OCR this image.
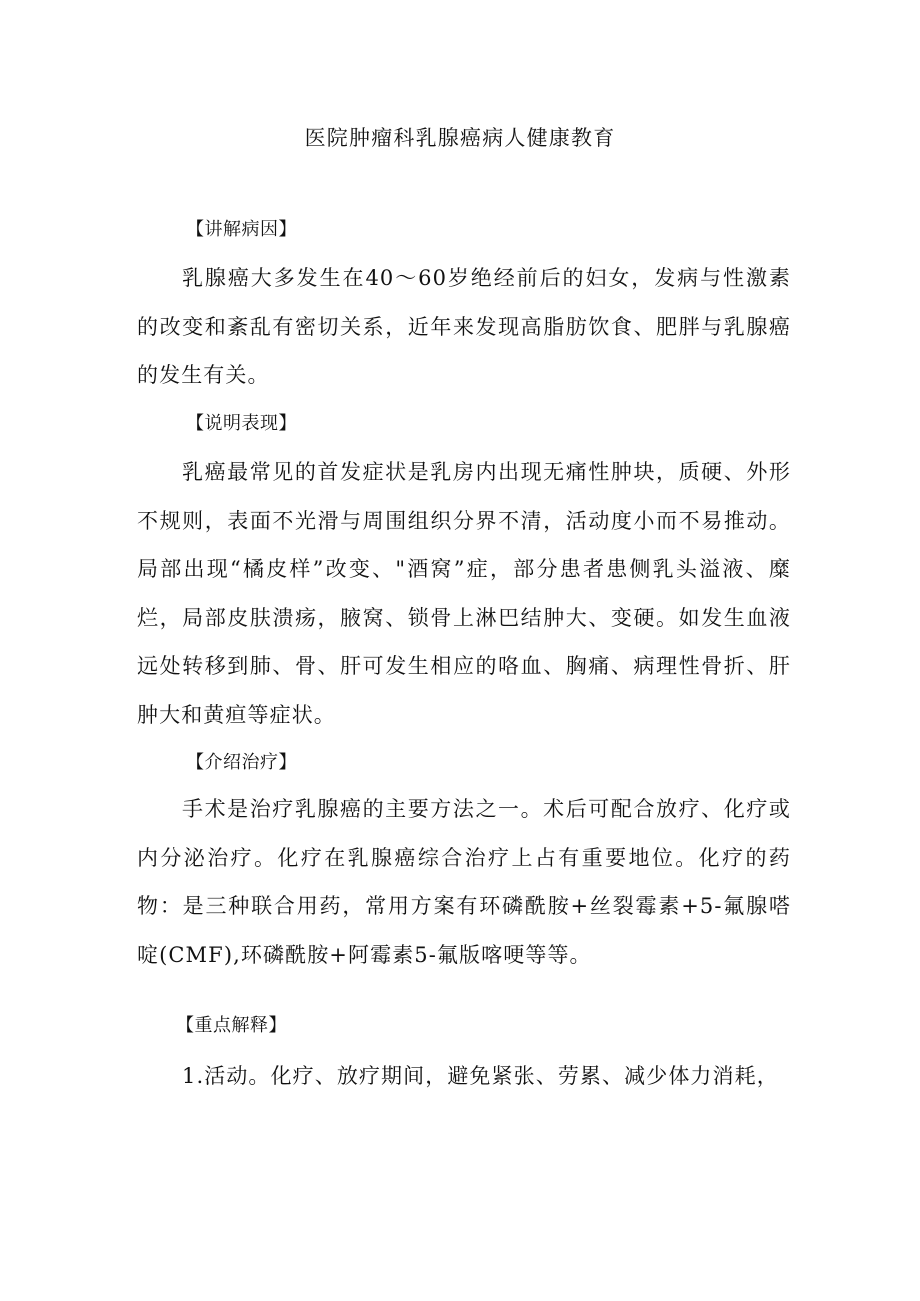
医院肿瘤科乳腺癌病人健康教育
【讲解病因】
乳腺癌大多发生在40～60岁绝经前后的妇女，发病与性激素的改变和紊乱有密切关系，近年来发现高脂肪饮食、肥胖与乳腺癌的发生有关。
【说明表现】
乳癌最常见的首发症状是乳房内出现无痛性肿块，质硬、外形不规则，表面不光滑与周围组织分界不清，活动度小而不易推动。局部出现“橘皮样”改变、"酒窝”症，部分患者患侧乳头溢液、糜烂，局部皮肤溃疡，腋窝、锁骨上淋巴结肿大、变硬。如发生血液远处转移到肺、骨、肝可发生相应的咯血、胸痛、病理性骨折、肝肿大和黄疸等症状。
【介绍治疗】
手术是治疗乳腺癌的主要方法之一。术后可配合放疗、化疗或内分泌治疗。化疗在乳腺癌综合治疗上占有重要地位。化疗的药物：是三种联合用药，常用方案有环磷酰胺+丝裂霉素+5-氟腺嗒啶(CMF),环磷酰胺+阿霉素5-氟版喀哽等等。
【重点解释】
1.活动。化疗、放疗期间，避免紧张、劳累、减少体力消耗，
